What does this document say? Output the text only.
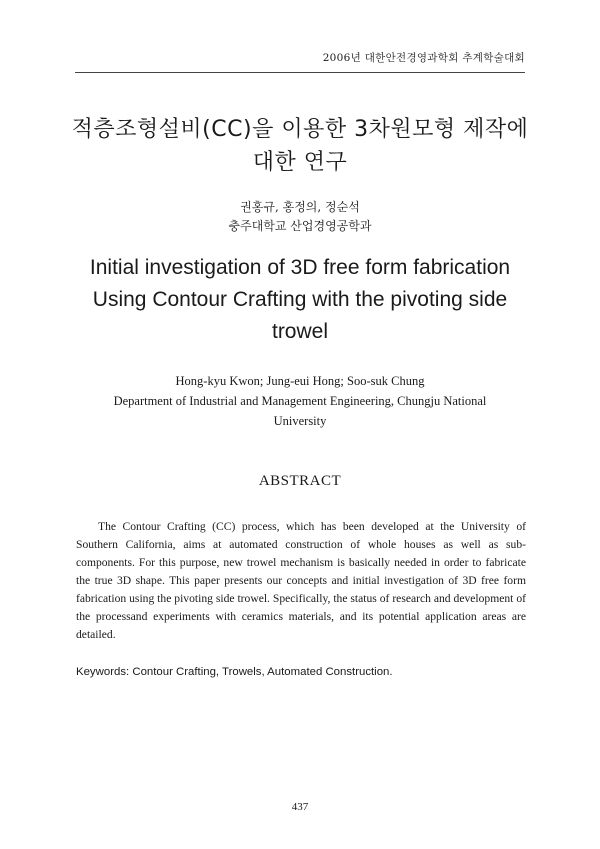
2006년 대한안전경영과학회 추계학술대회
적층조형설비(CC)을 이용한 3차원모형 제작에
대한 연구
권홍규, 홍정의, 정순석
충주대학교 산업경영공학과
Initial investigation of 3D free form fabrication
Using Contour Crafting with the pivoting side
trowel
Hong-kyu Kwon; Jung-eui Hong; Soo-suk Chung
Department of Industrial and Management Engineering, Chungju National
University
ABSTRACT
The Contour Crafting (CC) process, which has been developed at the University of Southern California, aims at automated construction of whole houses as well as sub-components. For this purpose, new trowel mechanism is basically needed in order to fabricate the true 3D shape. This paper presents our concepts and initial investigation of 3D free form fabrication using the pivoting side trowel. Specifically, the status of research and development of the processand experiments with ceramics materials, and its potential application areas are detailed.
Keywords: Contour Crafting, Trowels, Automated Construction.
437
